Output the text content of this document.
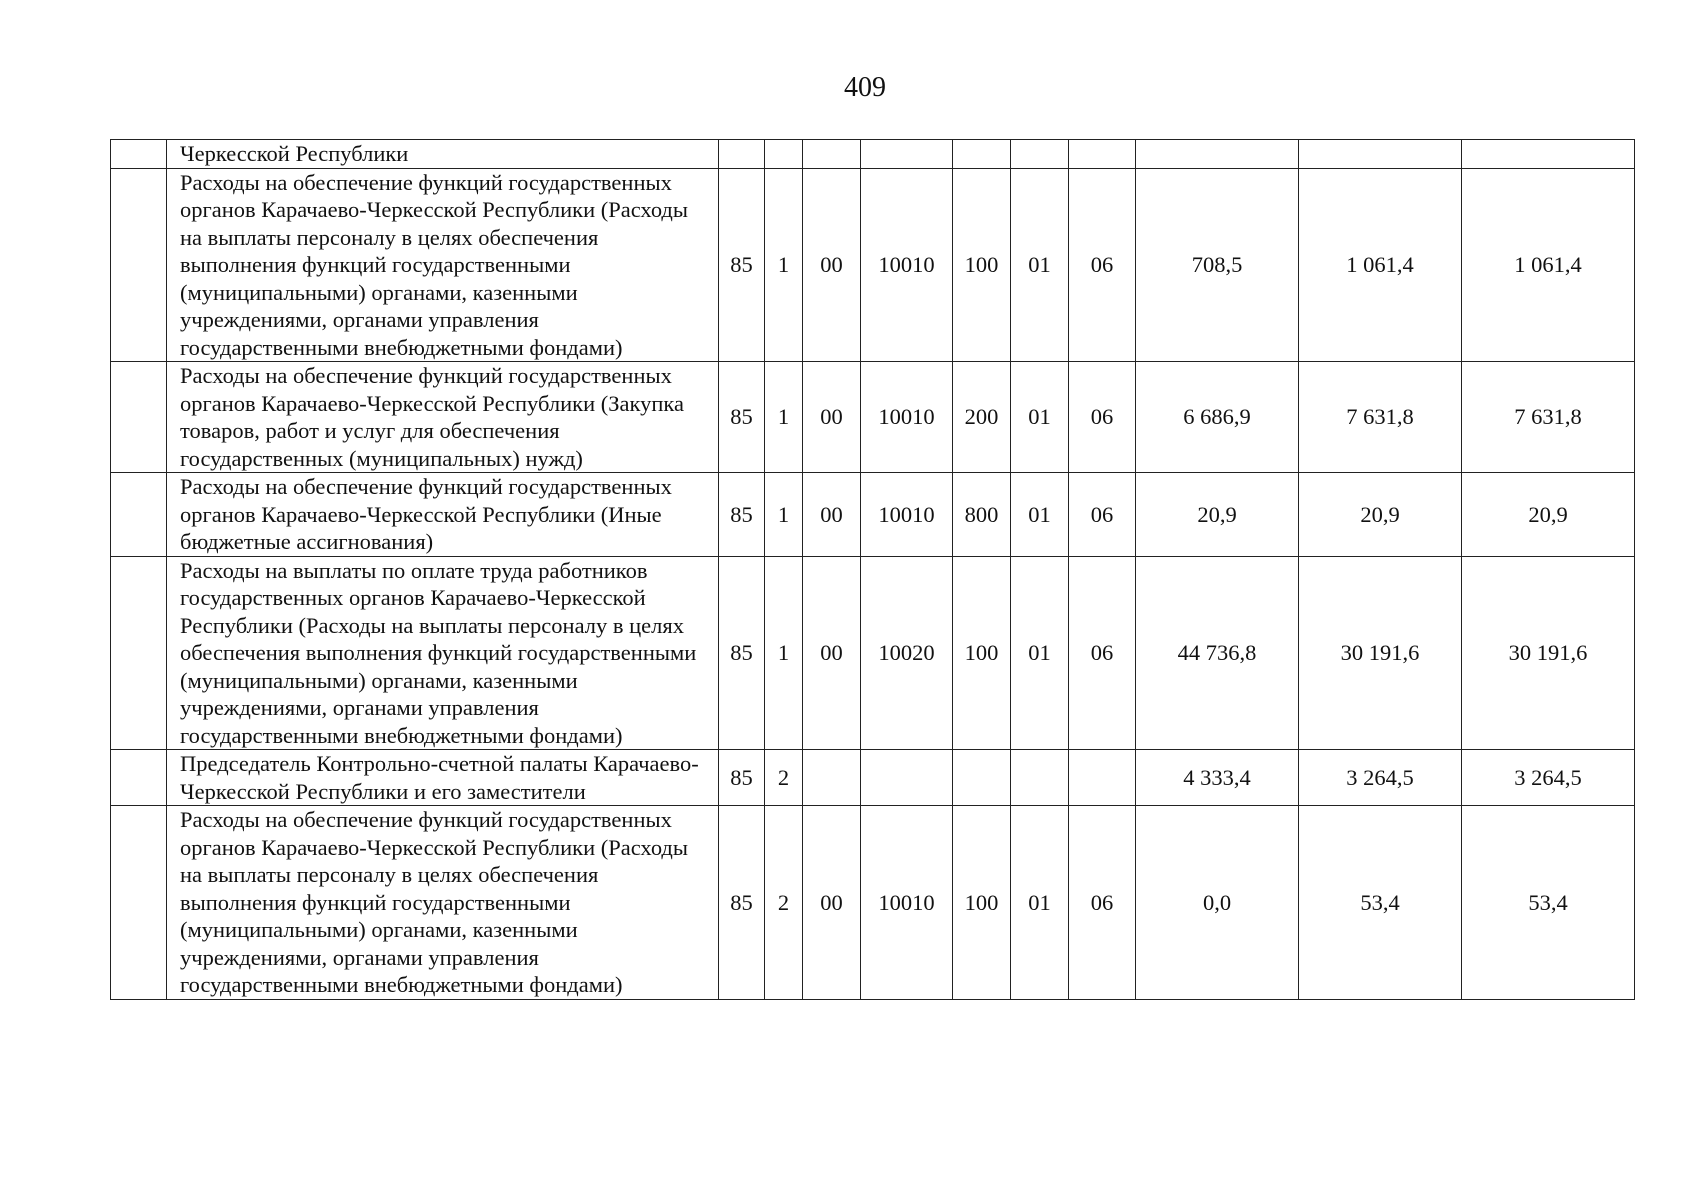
409
	Черкесской Республики										
	Расходы на обеспечение функций государственных органов Карачаево-Черкесской Республики (Расходы на выплаты персоналу в целях обеспечения выполнения функций государственными (муниципальными) органами, казенными учреждениями, органами управления государственными внебюджетными фондами)	85	1	00	10010	100	01	06	708,5	1 061,4	1 061,4
	Расходы на обеспечение функций государственных органов Карачаево-Черкесской Республики (Закупка товаров, работ и услуг для обеспечения государственных (муниципальных) нужд)	85	1	00	10010	200	01	06	6 686,9	7 631,8	7 631,8
	Расходы на обеспечение функций государственных органов Карачаево-Черкесской Республики (Иные бюджетные ассигнования)	85	1	00	10010	800	01	06	20,9	20,9	20,9
	Расходы на выплаты по оплате труда работников государственных органов Карачаево-Черкесской Республики (Расходы на выплаты персоналу в целях обеспечения выполнения функций государственными (муниципальными) органами, казенными учреждениями, органами управления государственными внебюджетными фондами)	85	1	00	10020	100	01	06	44 736,8	30 191,6	30 191,6
	Председатель Контрольно-счетной палаты Карачаево-Черкесской Республики и его заместители	85	2						4 333,4	3 264,5	3 264,5
	Расходы на обеспечение функций государственных органов Карачаево-Черкесской Республики (Расходы на выплаты персоналу в целях обеспечения выполнения функций государственными (муниципальными) органами, казенными учреждениями, органами управления государственными внебюджетными фондами)	85	2	00	10010	100	01	06	0,0	53,4	53,4
